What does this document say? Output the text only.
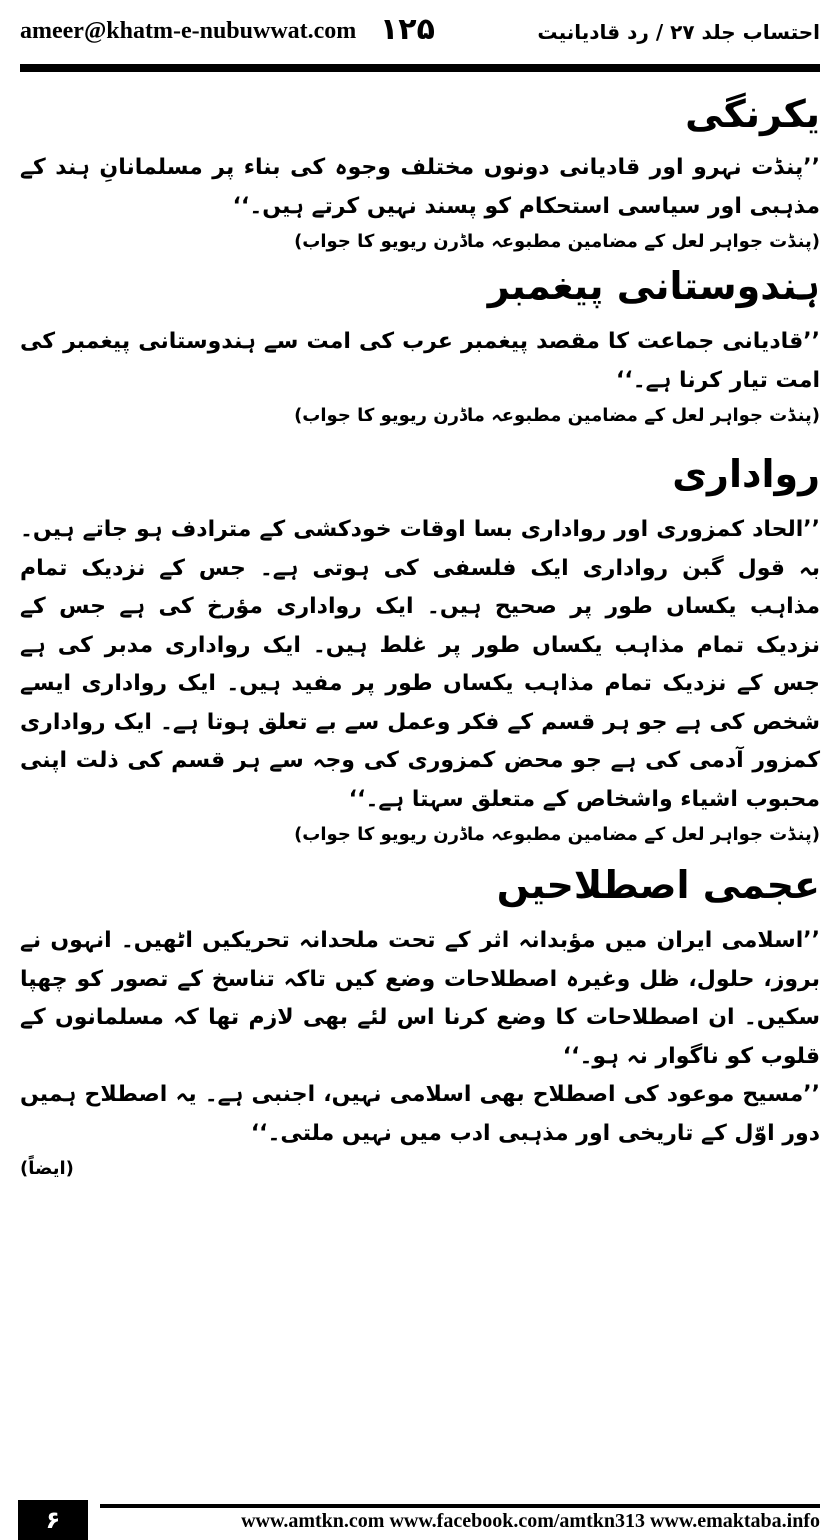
ameer@khatm-e-nubuwwat.com ۱۲۵	احتساب جلد ۲۷ / رد قادیانیت
یکرنگی

’’پنڈت نہرو اور قادیانی دونوں مختلف وجوہ کی بناء پر مسلمانانِ ہند کے مذہبی اور سیاسی استحکام کو پسند نہیں کرتے ہیں۔‘‘

(پنڈت جواہر لعل کے مضامین مطبوعہ ماڈرن ریویو کا جواب)
ہندوستانی پیغمبر

’’قادیانی جماعت کا مقصد پیغمبر عرب کی امت سے ہندوستانی پیغمبر کی امت تیار کرنا ہے۔‘‘

(پنڈت جواہر لعل کے مضامین مطبوعہ ماڈرن ریویو کا جواب)
رواداری

’’الحاد کمزوری اور رواداری بسا اوقات خودکشی کے مترادف ہو جاتے ہیں۔ بہ قول گبن رواداری ایک فلسفی کی ہوتی ہے۔ جس کے نزدیک تمام مذاہب یکساں طور پر صحیح ہیں۔ ایک رواداری مؤرخ کی ہے جس کے نزدیک تمام مذاہب یکساں طور پر غلط ہیں۔ ایک رواداری مدبر کی ہے جس کے نزدیک تمام مذاہب یکساں طور پر مفید ہیں۔ ایک رواداری ایسے شخص کی ہے جو ہر قسم کے فکر وعمل سے بے تعلق ہوتا ہے۔ ایک رواداری کمزور آدمی کی ہے جو محض کمزوری کی وجہ سے ہر قسم کی ذلت اپنی محبوب اشیاء واشخاص کے متعلق سہتا ہے۔‘‘

(پنڈت جواہر لعل کے مضامین مطبوعہ ماڈرن ریویو کا جواب)
عجمی اصطلاحیں

’’اسلامی ایران میں مؤبدانہ اثر کے تحت ملحدانہ تحریکیں اٹھیں۔ انہوں نے بروز، حلول، ظل وغیرہ اصطلاحات وضع کیں تاکہ تناسخ کے تصور کو چھپا سکیں۔ ان اصطلاحات کا وضع کرنا اس لئے بھی لازم تھا کہ مسلمانوں کے قلوب کو ناگوار نہ ہو۔‘‘

’’مسیح موعود کی اصطلاح بھی اسلامی نہیں، اجنبی ہے۔ یہ اصطلاح ہمیں دور اوّل کے تاریخی اور مذہبی ادب میں نہیں ملتی۔‘‘

(ایضاً)
۶	www.amtkn.com www.facebook.com/amtkn313 www.emaktaba.info
